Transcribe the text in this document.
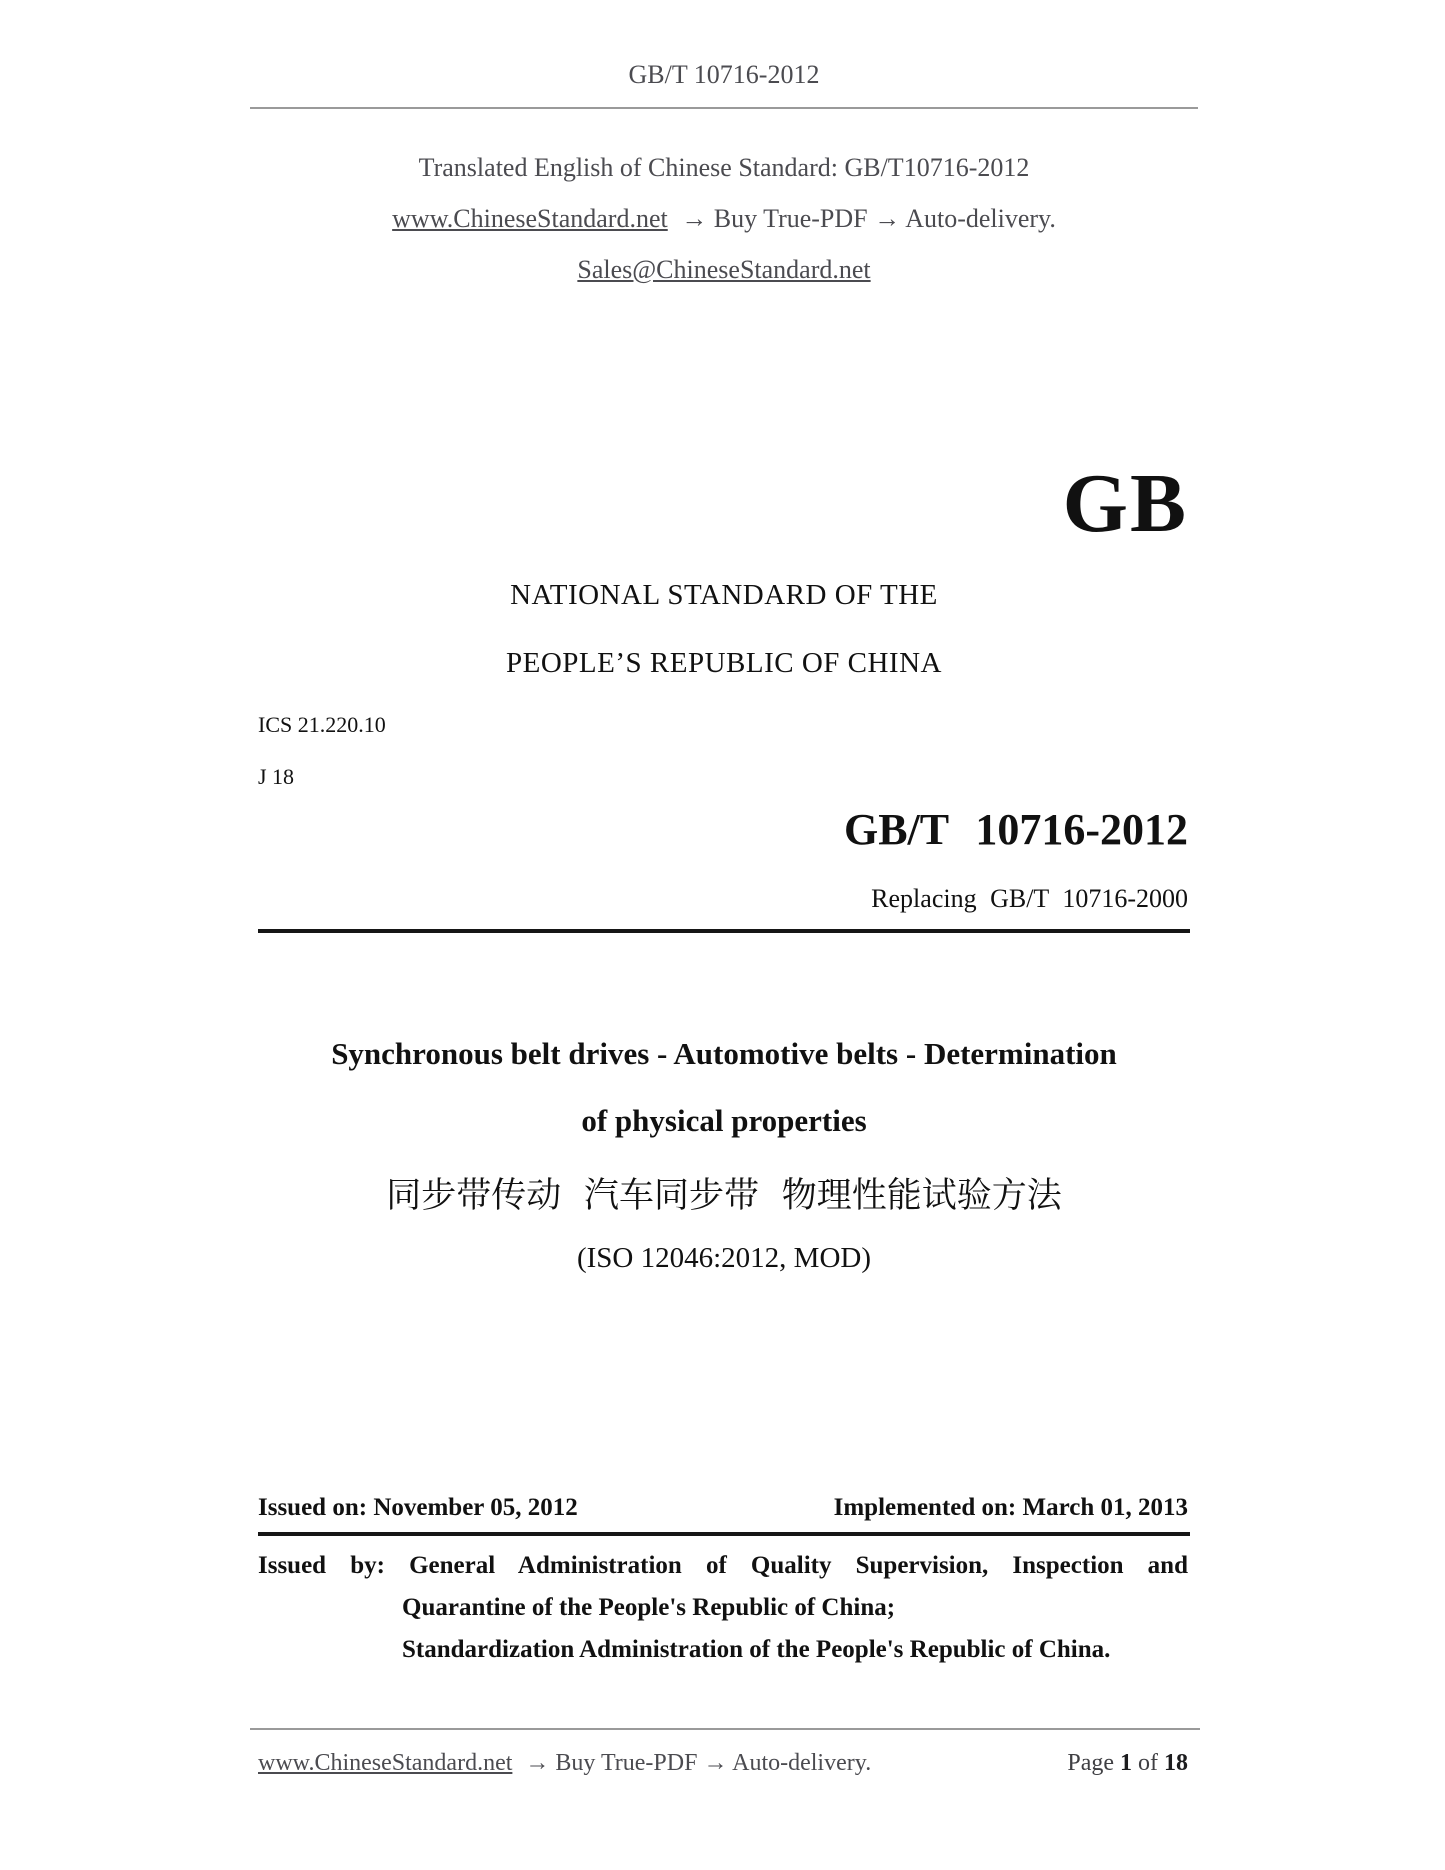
GB/T 10716-2012
Translated English of Chinese Standard: GB/T10716-2012
www.ChineseStandard.net → Buy True-PDF → Auto-delivery.
Sales@ChineseStandard.net
GB
NATIONAL STANDARD OF THE
PEOPLE’S REPUBLIC OF CHINA
ICS 21.220.10
J 18
GB/T 10716-2012
Replacing GB/T 10716-2000
Synchronous belt drives - Automotive belts - Determination
of physical properties
同步带传动 汽车同步带 物理性能试验方法
(ISO 12046:2012, MOD)
Issued on: November 05, 2012	Implemented on: March 01, 2013
Issued by: General Administration of Quality Supervision, Inspection and
Quarantine of the People's Republic of China;
Standardization Administration of the People's Republic of China.
www.ChineseStandard.net → Buy True-PDF → Auto-delivery.	Page 1 of 18
